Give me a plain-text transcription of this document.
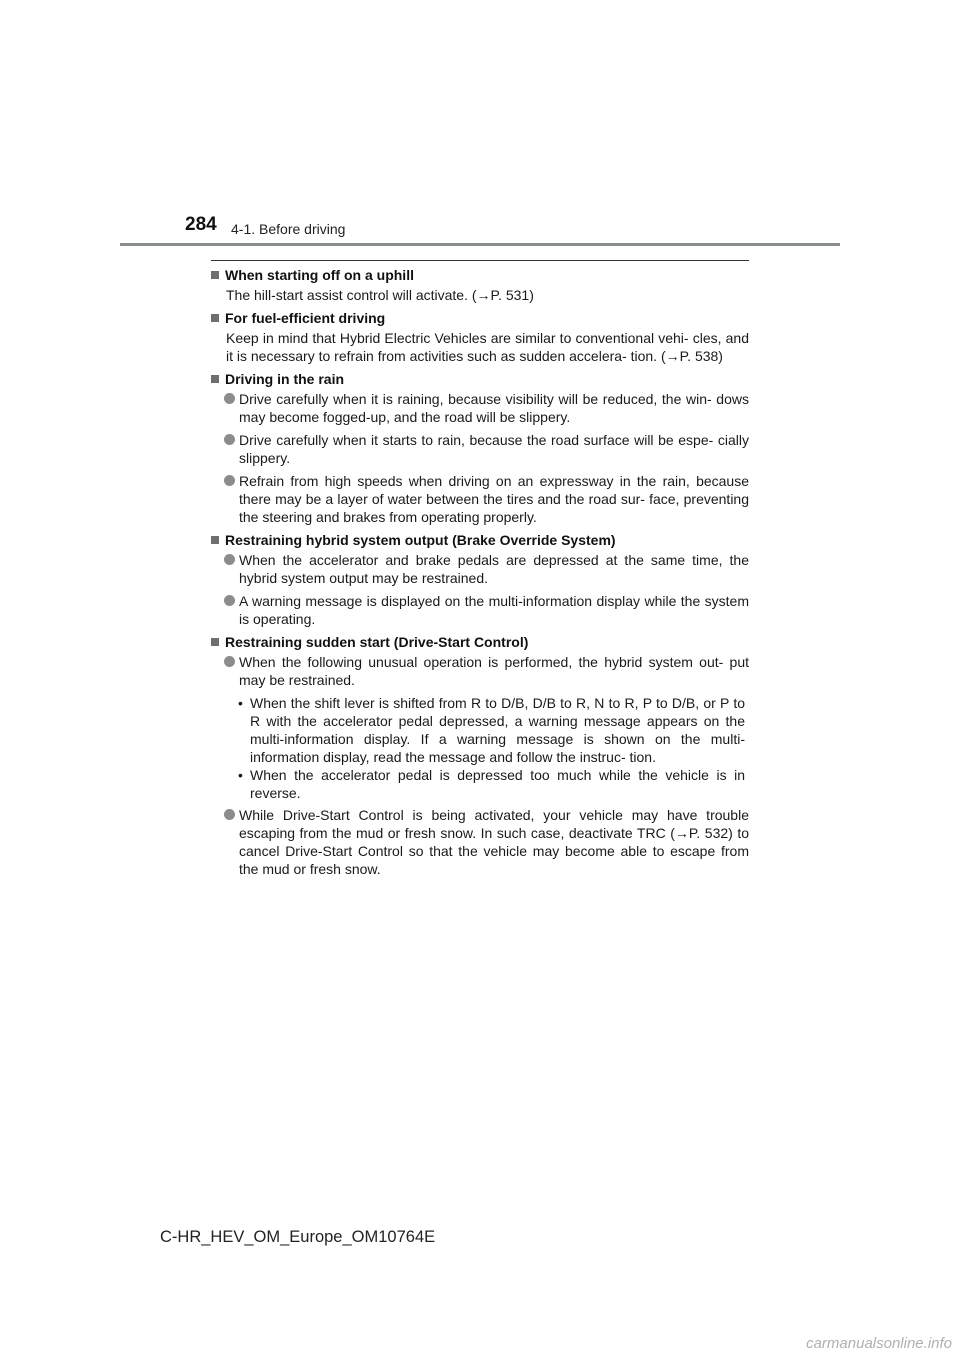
284 4-1. Before driving
When starting off on a uphill
The hill-start assist control will activate. (→P. 531)
For fuel-efficient driving
Keep in mind that Hybrid Electric Vehicles are similar to conventional vehi- cles, and it is necessary to refrain from activities such as sudden accelera- tion. (→P. 538)
Driving in the rain
Drive carefully when it is raining, because visibility will be reduced, the win- dows may become fogged-up, and the road will be slippery.
Drive carefully when it starts to rain, because the road surface will be espe- cially slippery.
Refrain from high speeds when driving on an expressway in the rain, because there may be a layer of water between the tires and the road sur- face, preventing the steering and brakes from operating properly.
Restraining hybrid system output (Brake Override System)
When the accelerator and brake pedals are depressed at the same time, the hybrid system output may be restrained.
A warning message is displayed on the multi-information display while the system is operating.
Restraining sudden start (Drive-Start Control)
When the following unusual operation is performed, the hybrid system out- put may be restrained.
• When the shift lever is shifted from R to D/B, D/B to R, N to R, P to D/B, or P to R with the accelerator pedal depressed, a warning message appears on the multi-information display. If a warning message is shown on the multi-information display, read the message and follow the instruc- tion.
• When the accelerator pedal is depressed too much while the vehicle is in reverse.
While Drive-Start Control is being activated, your vehicle may have trouble escaping from the mud or fresh snow. In such case, deactivate TRC (→P. 532) to cancel Drive-Start Control so that the vehicle may become able to escape from the mud or fresh snow.
C-HR_HEV_OM_Europe_OM10764E
carmanualsonline.info
